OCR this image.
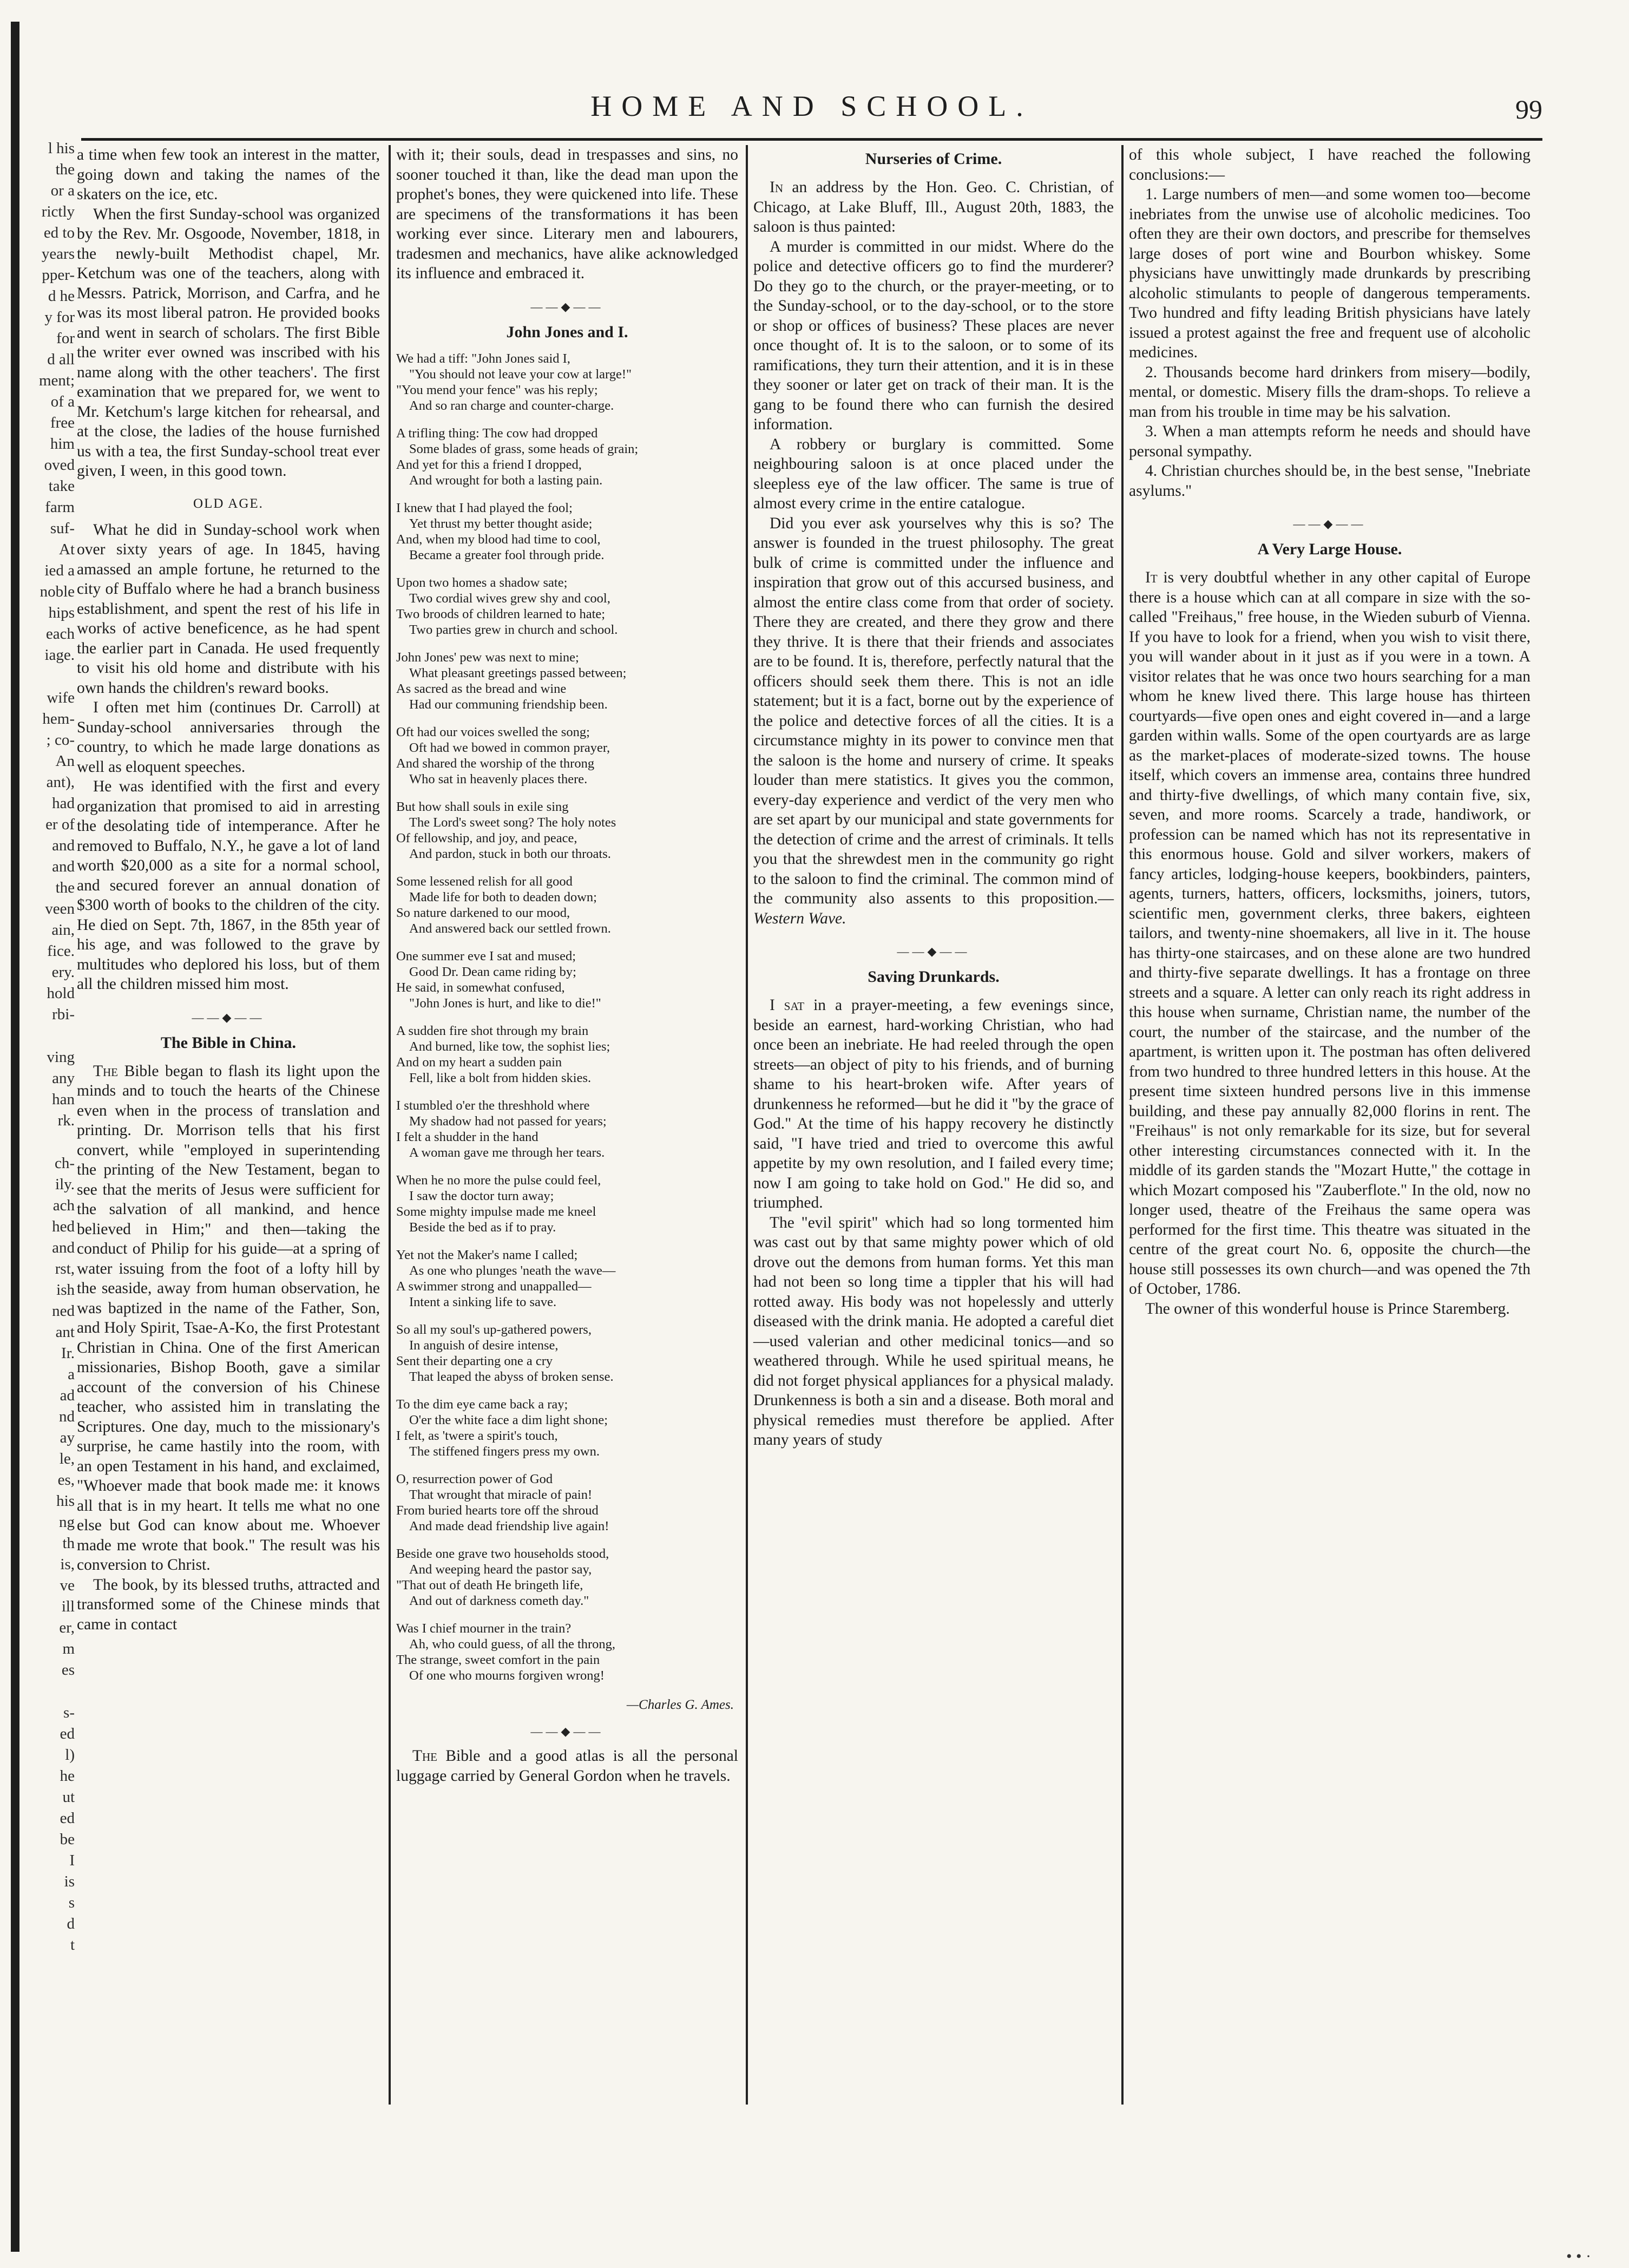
l his
the
or a
rictly
ed to
years
pper-
d he
y for
for
d all
ment;
of a
free
him
oved
take
farm
suf-
At
ied a
noble
hips
each
iage.
wife
hem-
; co-
An
ant),
had
er of
and
and
the
veen
ain,
fice.
ery.
hold
rbi-
ving
any
han
rk.
ch-
ily.
ach
hed
and
rst,
ish
ned
ant
Ir.
a
ad
nd
ay
le,
es,
his
ng
th
is,
ve
ill
er,
m
es
s-
ed
l)
he
ut
ed
be
I
is
s
d
t
HOME AND SCHOOL.	99

a time when few took an interest in the matter, going down and taking the names of the skaters on the ice, etc.

When the first Sunday-school was organized by the Rev. Mr. Osgoode, November, 1818, in the newly-built Methodist chapel, Mr. Ketchum was one of the teachers, along with Messrs. Patrick, Morrison, and Carfra, and he was its most liberal patron. He provided books and went in search of scholars. The first Bible the writer ever owned was inscribed with his name along with the other teachers'. The first examination that we prepared for, we went to Mr. Ketchum's large kitchen for rehearsal, and at the close, the ladies of the house furnished us with a tea, the first Sunday-school treat ever given, I ween, in this good town.

OLD AGE.

What he did in Sunday-school work when over sixty years of age. In 1845, having amassed an ample fortune, he returned to the city of Buffalo where he had a branch business establishment, and spent the rest of his life in works of active beneficence, as he had spent the earlier part in Canada. He used frequently to visit his old home and distribute with his own hands the children's reward books.

I often met him (continues Dr. Carroll) at Sunday-school anniversaries through the country, to which he made large donations as well as eloquent speeches.

He was identified with the first and every organization that promised to aid in arresting the desolating tide of intemperance. After he removed to Buffalo, N.Y., he gave a lot of land worth $20,000 as a site for a normal school, and secured forever an annual donation of $300 worth of books to the children of the city. He died on Sept. 7th, 1867, in the 85th year of his age, and was followed to the grave by multitudes who deplored his loss, but of them all the children missed him most.

——◆——
The Bible in China.

The Bible began to flash its light upon the minds and to touch the hearts of the Chinese even when in the process of translation and printing. Dr. Morrison tells that his first convert, while "employed in superintending the printing of the New Testament, began to see that the merits of Jesus were sufficient for the salvation of all mankind, and hence believed in Him;" and then—taking the conduct of Philip for his guide—at a spring of water issuing from the foot of a lofty hill by the seaside, away from human observation, he was baptized in the name of the Father, Son, and Holy Spirit, Tsae-A-Ko, the first Protestant Christian in China. One of the first American missionaries, Bishop Booth, gave a similar account of the conversion of his Chinese teacher, who assisted him in translating the Scriptures. One day, much to the missionary's surprise, he came hastily into the room, with an open Testament in his hand, and exclaimed, "Whoever made that book made me: it knows all that is in my heart. It tells me what no one else but God can know about me. Whoever made me wrote that book." The result was his conversion to Christ.

The book, by its blessed truths, attracted and transformed some of the Chinese minds that came in contact

with it; their souls, dead in trespasses and sins, no sooner touched it than, like the dead man upon the prophet's bones, they were quickened into life. These are specimens of the transformations it has been working ever since. Literary men and labourers, tradesmen and mechanics, have alike acknowledged its influence and embraced it.

——◆——
John Jones and I.
We had a tiff: "John Jones said I,
"You should not leave your cow at large!"
"You mend your fence" was his reply;
And so ran charge and counter-charge.
A trifling thing: The cow had dropped
Some blades of grass, some heads of grain;
And yet for this a friend I dropped,
And wrought for both a lasting pain.
I knew that I had played the fool;
Yet thrust my better thought aside;
And, when my blood had time to cool,
Became a greater fool through pride.
Upon two homes a shadow sate;
Two cordial wives grew shy and cool,
Two broods of children learned to hate;
Two parties grew in church and school.
John Jones' pew was next to mine;
What pleasant greetings passed between;
As sacred as the bread and wine
Had our communing friendship been.
Oft had our voices swelled the song;
Oft had we bowed in common prayer,
And shared the worship of the throng
Who sat in heavenly places there.
But how shall souls in exile sing
The Lord's sweet song? The holy notes
Of fellowship, and joy, and peace,
And pardon, stuck in both our throats.
Some lessened relish for all good
Made life for both to deaden down;
So nature darkened to our mood,
And answered back our settled frown.
One summer eve I sat and mused;
Good Dr. Dean came riding by;
He said, in somewhat confused,
"John Jones is hurt, and like to die!"
A sudden fire shot through my brain
And burned, like tow, the sophist lies;
And on my heart a sudden pain
Fell, like a bolt from hidden skies.
I stumbled o'er the threshhold where
My shadow had not passed for years;
I felt a shudder in the hand
A woman gave me through her tears.
When he no more the pulse could feel,
I saw the doctor turn away;
Some mighty impulse made me kneel
Beside the bed as if to pray.
Yet not the Maker's name I called;
As one who plunges 'neath the wave—
A swimmer strong and unappalled—
Intent a sinking life to save.
So all my soul's up-gathered powers,
In anguish of desire intense,
Sent their departing one a cry
That leaped the abyss of broken sense.
To the dim eye came back a ray;
O'er the white face a dim light shone;
I felt, as 'twere a spirit's touch,
The stiffened fingers press my own.
O, resurrection power of God
That wrought that miracle of pain!
From buried hearts tore off the shroud
And made dead friendship live again!
Beside one grave two households stood,
And weeping heard the pastor say,
"That out of death He bringeth life,
And out of darkness cometh day."
Was I chief mourner in the train?
Ah, who could guess, of all the throng,
The strange, sweet comfort in the pain
Of one who mourns forgiven wrong!
—Charles G. Ames.
——◆——

The Bible and a good atlas is all the personal luggage carried by General Gordon when he travels.

Nurseries of Crime.

In an address by the Hon. Geo. C. Christian, of Chicago, at Lake Bluff, Ill., August 20th, 1883, the saloon is thus painted:

A murder is committed in our midst. Where do the police and detective officers go to find the murderer? Do they go to the church, or the prayer-meeting, or to the Sunday-school, or to the day-school, or to the store or shop or offices of business? These places are never once thought of. It is to the saloon, or to some of its ramifications, they turn their attention, and it is in these they sooner or later get on track of their man. It is the gang to be found there who can furnish the desired information.

A robbery or burglary is committed. Some neighbouring saloon is at once placed under the sleepless eye of the law officer. The same is true of almost every crime in the entire catalogue.

Did you ever ask yourselves why this is so? The answer is founded in the truest philosophy. The great bulk of crime is committed under the influence and inspiration that grow out of this accursed business, and almost the entire class come from that order of society. There they are created, and there they grow and there they thrive. It is there that their friends and associates are to be found. It is, therefore, perfectly natural that the officers should seek them there. This is not an idle statement; but it is a fact, borne out by the experience of the police and detective forces of all the cities. It is a circumstance mighty in its power to convince men that the saloon is the home and nursery of crime. It speaks louder than mere statistics. It gives you the common, every-day experience and verdict of the very men who are set apart by our municipal and state governments for the detection of crime and the arrest of criminals. It tells you that the shrewdest men in the community go right to the saloon to find the criminal. The common mind of the community also assents to this proposition.— Western Wave.

——◆——
Saving Drunkards.

I sat in a prayer-meeting, a few evenings since, beside an earnest, hard-working Christian, who had once been an inebriate. He had reeled through the open streets—an object of pity to his friends, and of burning shame to his heart-broken wife. After years of drunkenness he reformed—but he did it "by the grace of God." At the time of his happy recovery he distinctly said, "I have tried and tried to overcome this awful appetite by my own resolution, and I failed every time; now I am going to take hold on God." He did so, and triumphed.

The "evil spirit" which had so long tormented him was cast out by that same mighty power which of old drove out the demons from human forms. Yet this man had not been so long time a tippler that his will had rotted away. His body was not hopelessly and utterly diseased with the drink mania. He adopted a careful diet—used valerian and other medicinal tonics—and so weathered through. While he used spiritual means, he did not forget physical appliances for a physical malady. Drunkenness is both a sin and a disease. Both moral and physical remedies must therefore be applied. After many years of study

of this whole subject, I have reached the following conclusions:—

1. Large numbers of men—and some women too—become inebriates from the unwise use of alcoholic medicines. Too often they are their own doctors, and prescribe for themselves large doses of port wine and Bourbon whiskey. Some physicians have unwittingly made drunkards by prescribing alcoholic stimulants to people of dangerous temperaments. Two hundred and fifty leading British physicians have lately issued a protest against the free and frequent use of alcoholic medicines.

2. Thousands become hard drinkers from misery—bodily, mental, or domestic. Misery fills the dram-shops. To relieve a man from his trouble in time may be his salvation.

3. When a man attempts reform he needs and should have personal sympathy.

4. Christian churches should be, in the best sense, "Inebriate asylums."

——◆——
A Very Large House.

It is very doubtful whether in any other capital of Europe there is a house which can at all compare in size with the so-called "Freihaus," free house, in the Wieden suburb of Vienna. If you have to look for a friend, when you wish to visit there, you will wander about in it just as if you were in a town. A visitor relates that he was once two hours searching for a man whom he knew lived there. This large house has thirteen courtyards—five open ones and eight covered in—and a large garden within walls. Some of the open courtyards are as large as the market-places of moderate-sized towns. The house itself, which covers an immense area, contains three hundred and thirty-five dwellings, of which many contain five, six, seven, and more rooms. Scarcely a trade, handiwork, or profession can be named which has not its representative in this enormous house. Gold and silver workers, makers of fancy articles, lodging-house keepers, bookbinders, painters, agents, turners, hatters, officers, locksmiths, joiners, tutors, scientific men, government clerks, three bakers, eighteen tailors, and twenty-nine shoemakers, all live in it. The house has thirty-one staircases, and on these alone are two hundred and thirty-five separate dwellings. It has a frontage on three streets and a square. A letter can only reach its right address in this house when surname, Christian name, the number of the court, the number of the staircase, and the number of the apartment, is written upon it. The postman has often delivered from two hundred to three hundred letters in this house. At the present time sixteen hundred persons live in this immense building, and these pay annually 82,000 florins in rent. The "Freihaus" is not only remarkable for its size, but for several other interesting circumstances connected with it. In the middle of its garden stands the "Mozart Hutte," the cottage in which Mozart composed his "Zauberflote." In the old, now no longer used, theatre of the Freihaus the same opera was performed for the first time. This theatre was situated in the centre of the great court No. 6, opposite the church—the house still possesses its own church—and was opened the 7th of October, 1786.

The owner of this wonderful house is Prince Staremberg.

• • ·
